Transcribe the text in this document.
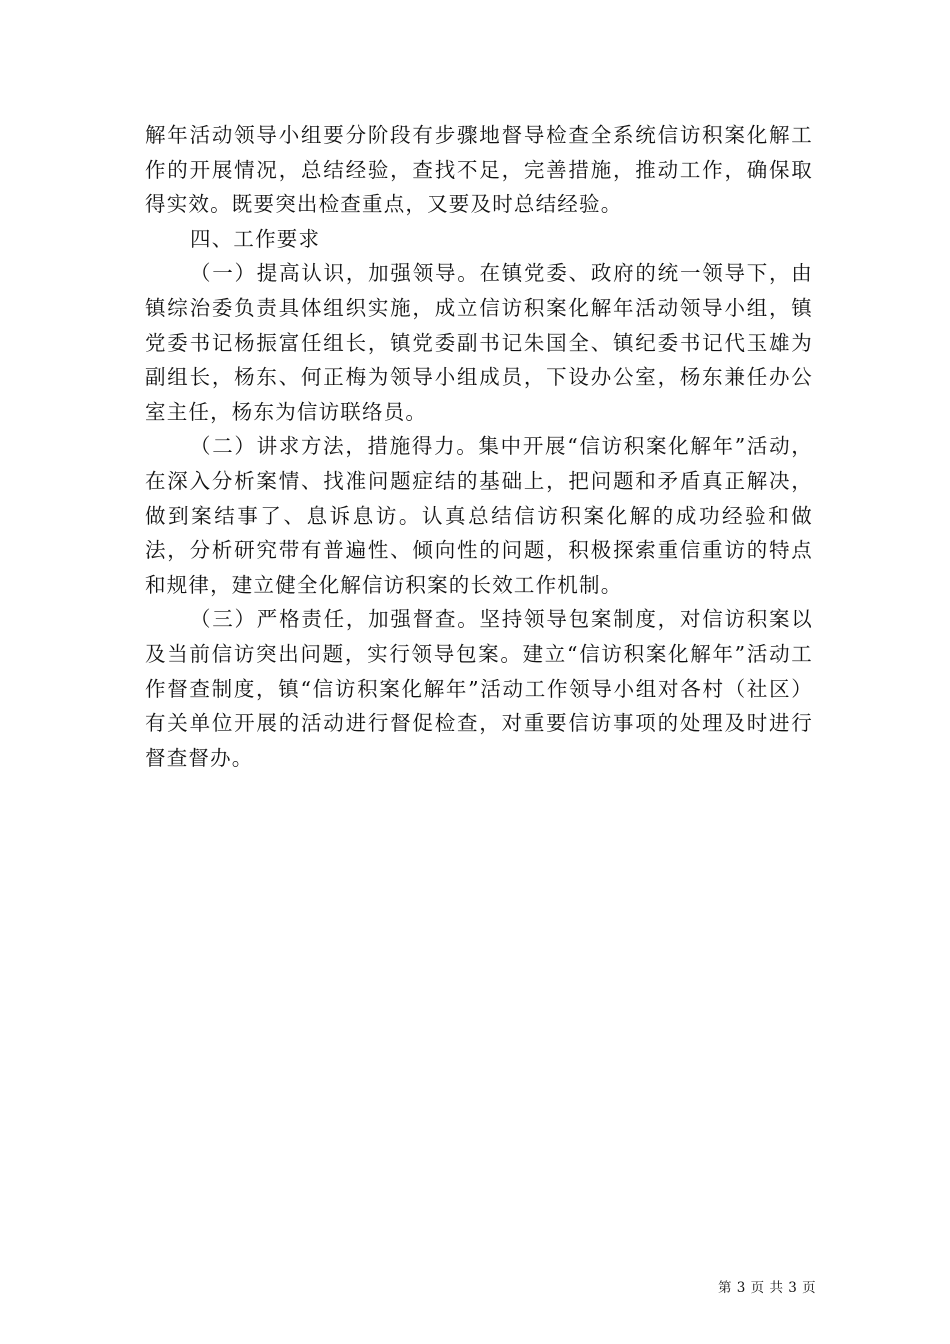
解年活动领导小组要分阶段有步骤地督导检查全系统信访积案化解工作的开展情况，总结经验，查找不足，完善措施，推动工作，确保取得实效。既要突出检查重点，又要及时总结经验。

四、工作要求

（一）提高认识，加强领导。在镇党委、政府的统一领导下，由镇综治委负责具体组织实施，成立信访积案化解年活动领导小组，镇党委书记杨振富任组长，镇党委副书记朱国全、镇纪委书记代玉雄为副组长，杨东、何正梅为领导小组成员，下设办公室，杨东兼任办公室主任，杨东为信访联络员。

（二）讲求方法，措施得力。集中开展“信访积案化解年”活动，在深入分析案情、找准问题症结的基础上，把问题和矛盾真正解决，做到案结事了、息诉息访。认真总结信访积案化解的成功经验和做法，分析研究带有普遍性、倾向性的问题，积极探索重信重访的特点和规律，建立健全化解信访积案的长效工作机制。

（三）严格责任，加强督查。坚持领导包案制度，对信访积案以及当前信访突出问题，实行领导包案。建立“信访积案化解年”活动工作督查制度，镇“信访积案化解年”活动工作领导小组对各村（社区）有关单位开展的活动进行督促检查，对重要信访事项的处理及时进行督查督办。

第 3 页 共 3 页
